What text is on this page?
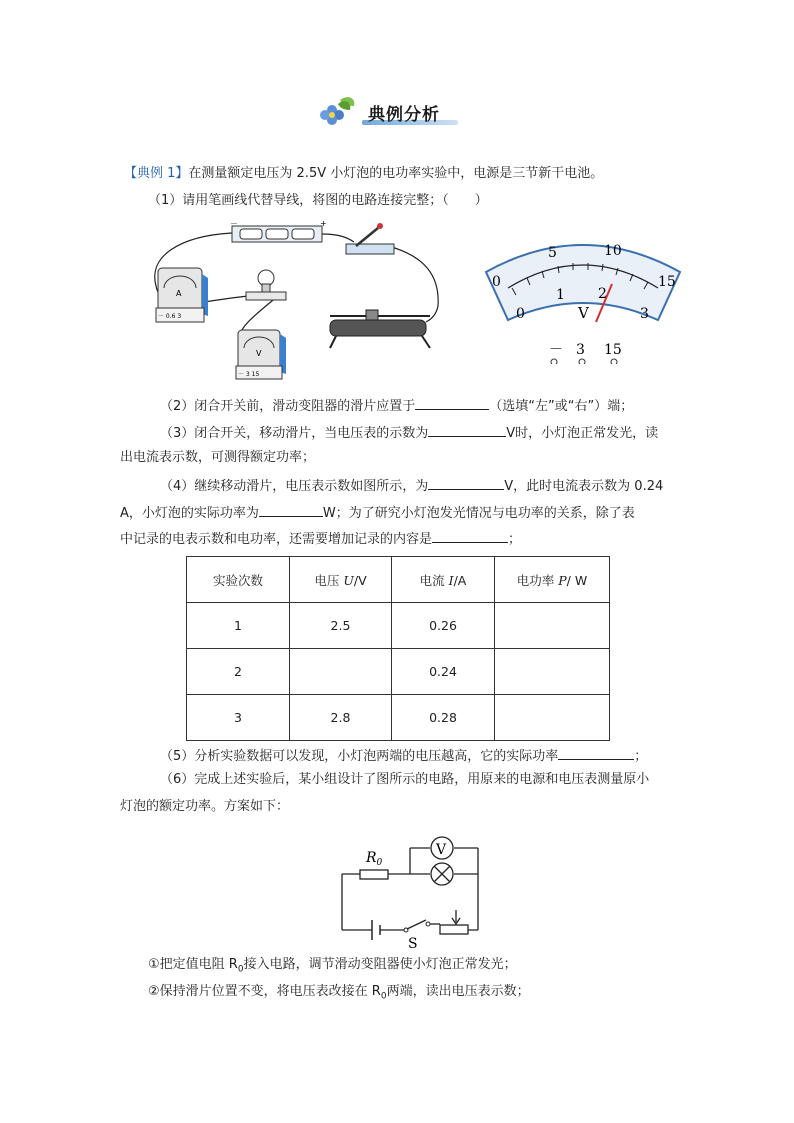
典例分析
【典例 1】在测量额定电压为 2.5V 小灯泡的电功率实验中，电源是三节新干电池。
（1）请用笔画线代替导线，将图的电路连接完整；（　　）
－	+
A
－ 0.6 3
V
－ 3 15
0
5	10
15
0
1 2
3
V
－ 3 15
（2）闭合开关前，滑动变阻器的滑片应置于	（选填“左”或“右”）端；
（3）闭合开关，移动滑片，当电压表的示数为	V时，小灯泡正常发光，读
出电流表示数，可测得额定功率；
（4）继续移动滑片，电压表示数如图所示，为	V，此时电流表示数为 0.24
A，小灯泡的实际功率为	W；为了研究小灯泡发光情况与电功率的关系，除了表
中记录的电表示数和电功率，还需要增加记录的内容是	；
实验次数	电压 U/V	电流 I/A	电功率 P/ W
1	2.5	0.26	
2		0.24	
3	2.8	0.28	
（5）分析实验数据可以发现，小灯泡两端的电压越高，它的实际功率	；
（6）完成上述实验后，某小组设计了图所示的电路，用原来的电源和电压表测量原小
灯泡的额定功率。方案如下：
$R_0$
V
S
①把定值电阻 $R_0$接入电路，调节滑动变阻器使小灯泡正常发光；
②保持滑片位置不变，将电压表改接在 $R_0$两端，读出电压表示数；
